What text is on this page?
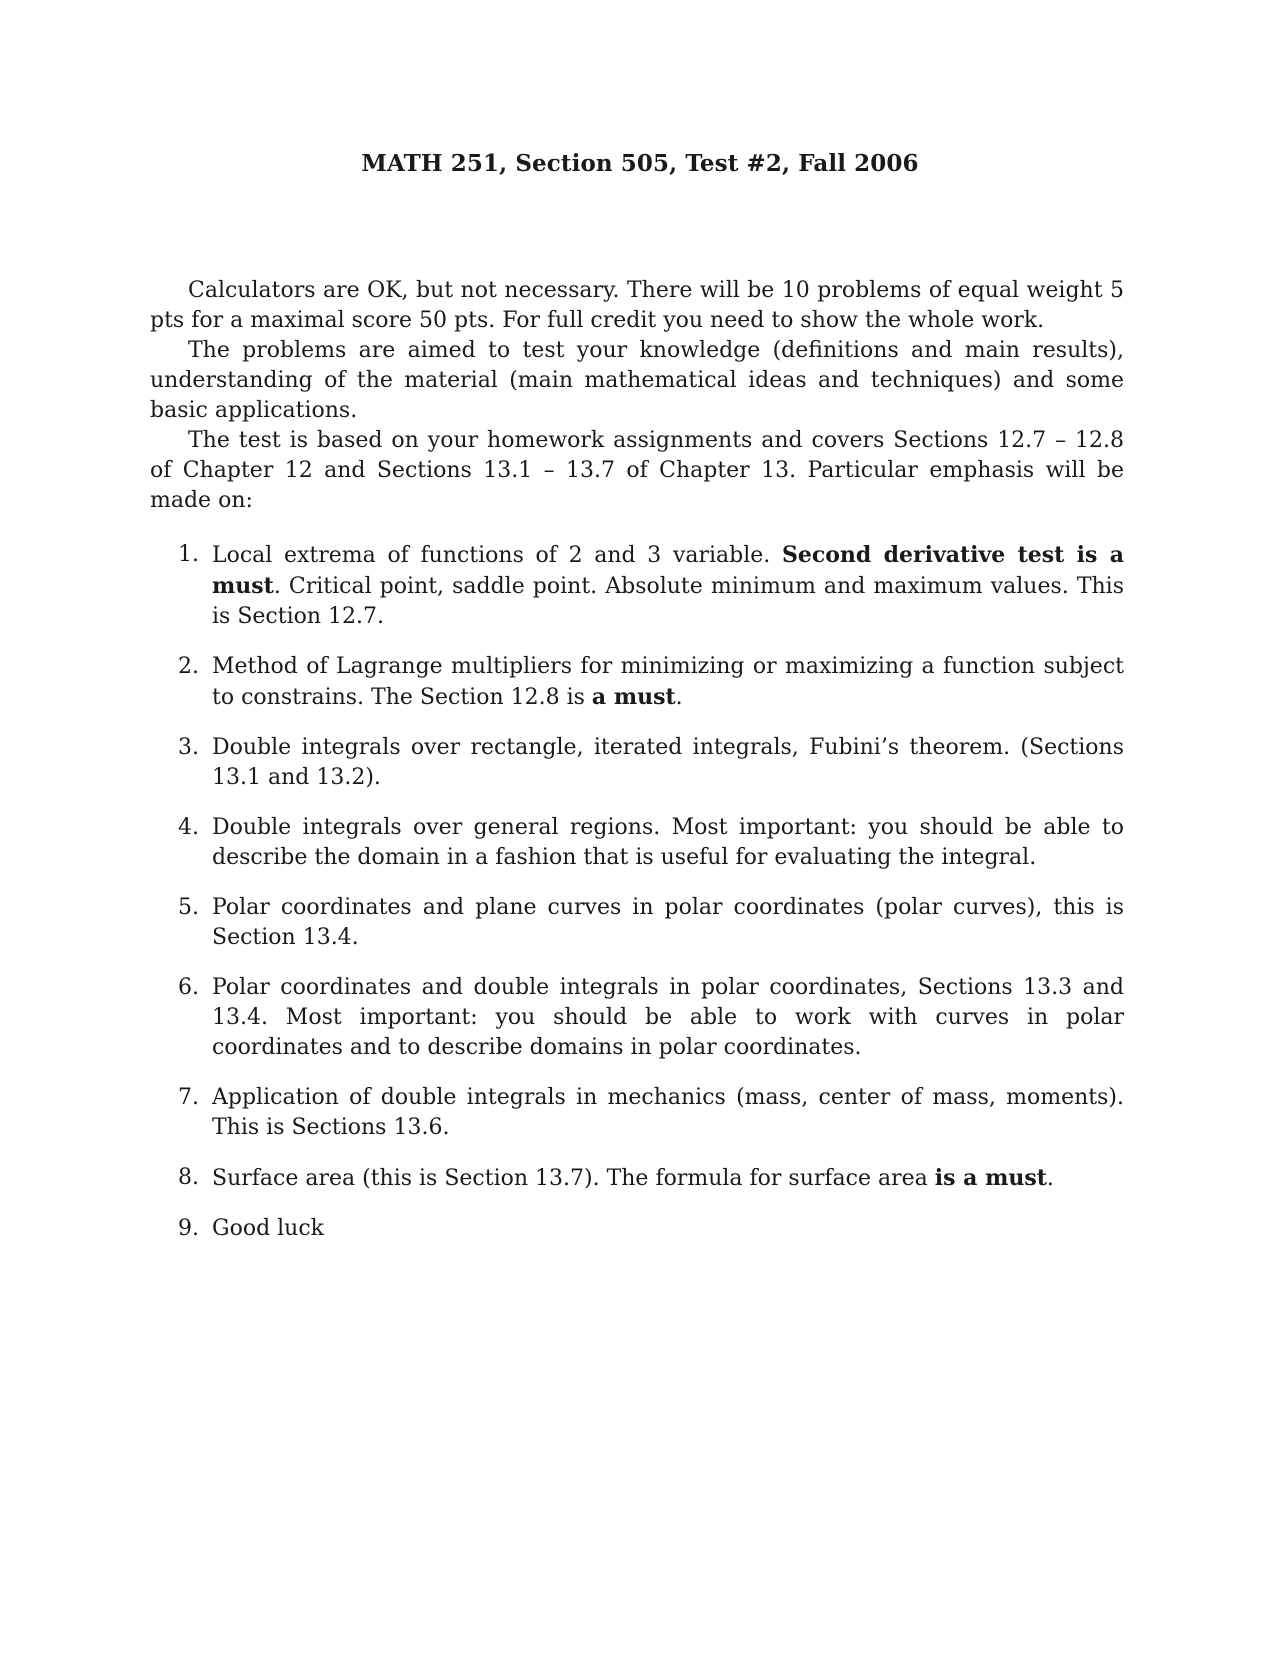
MATH 251, Section 505, Test #2, Fall 2006

Calculators are OK, but not necessary. There will be 10 problems of equal weight 5 pts for a maximal score 50 pts. For full credit you need to show the whole work.

The problems are aimed to test your knowledge (definitions and main results), understanding of the material (main mathematical ideas and techniques) and some basic applications.

The test is based on your homework assignments and covers Sections 12.7 – 12.8 of Chapter 12 and Sections 13.1 – 13.7 of Chapter 13. Particular emphasis will be made on:

1. Local extrema of functions of 2 and 3 variable. Second derivative test is a must. Critical point, saddle point. Absolute minimum and maximum values. This is Section 12.7.
2. Method of Lagrange multipliers for minimizing or maximizing a function subject to constrains. The Section 12.8 is a must.
3. Double integrals over rectangle, iterated integrals, Fubini’s theorem. (Sections 13.1 and 13.2).
4. Double integrals over general regions. Most important: you should be able to describe the domain in a fashion that is useful for evaluating the integral.
5. Polar coordinates and plane curves in polar coordinates (polar curves), this is Section 13.4.
6. Polar coordinates and double integrals in polar coordinates, Sections 13.3 and 13.4. Most important: you should be able to work with curves in polar coordinates and to describe domains in polar coordinates.
7. Application of double integrals in mechanics (mass, center of mass, moments). This is Sections 13.6.
8. Surface area (this is Section 13.7). The formula for surface area is a must.
9. Good luck
